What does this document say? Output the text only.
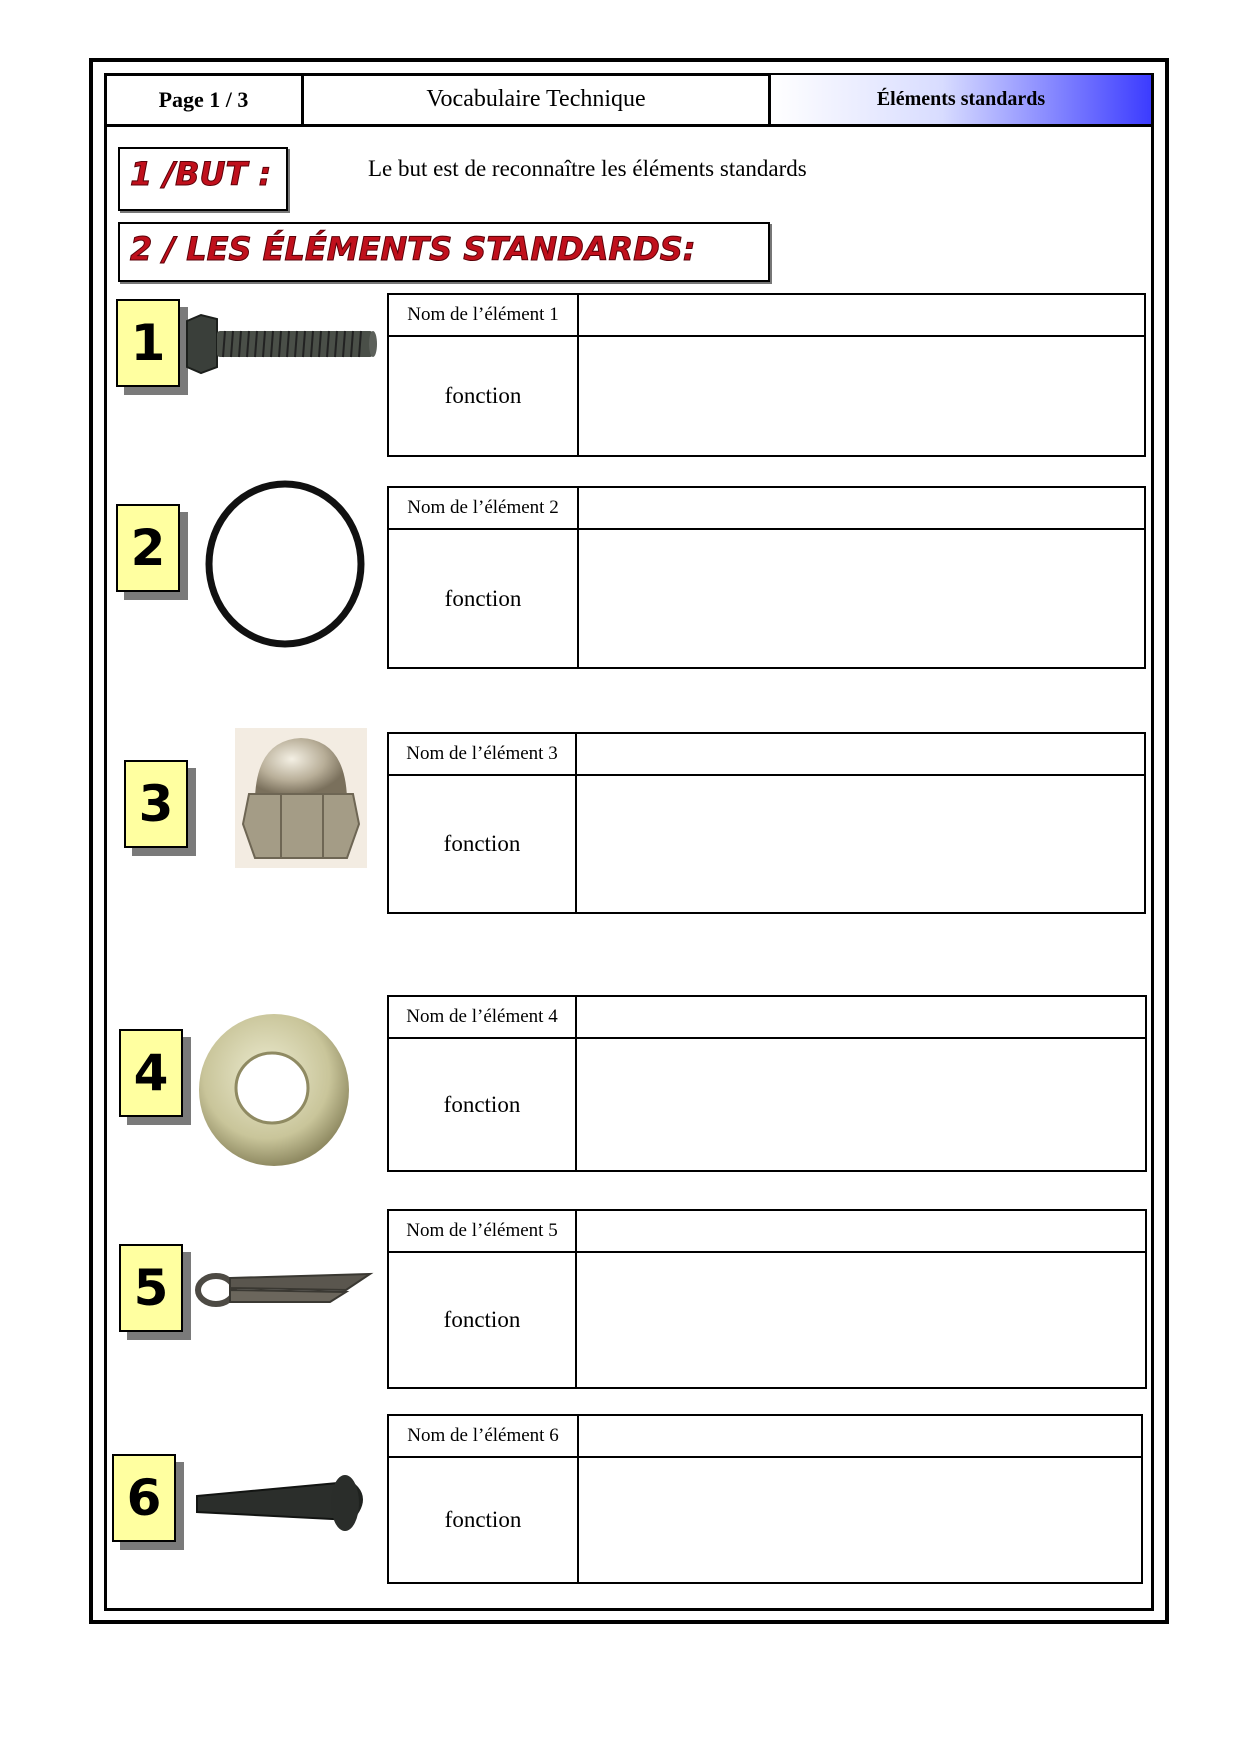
Page 1 / 3	Vocabulaire Technique	Éléments standards
1 /BUT :	Le but est de reconnaître les éléments standards
2 / LES ÉLÉMENTS STANDARDS:
1	Nom de l’élément 1	
fonction	
2
Nom de l’élément 2	
fonction	
3
Nom de l’élément 3	
fonction	
4
Nom de l’élément 4	
fonction	
5
Nom de l’élément 5	
fonction	
6
Nom de l’élément 6	
fonction	
